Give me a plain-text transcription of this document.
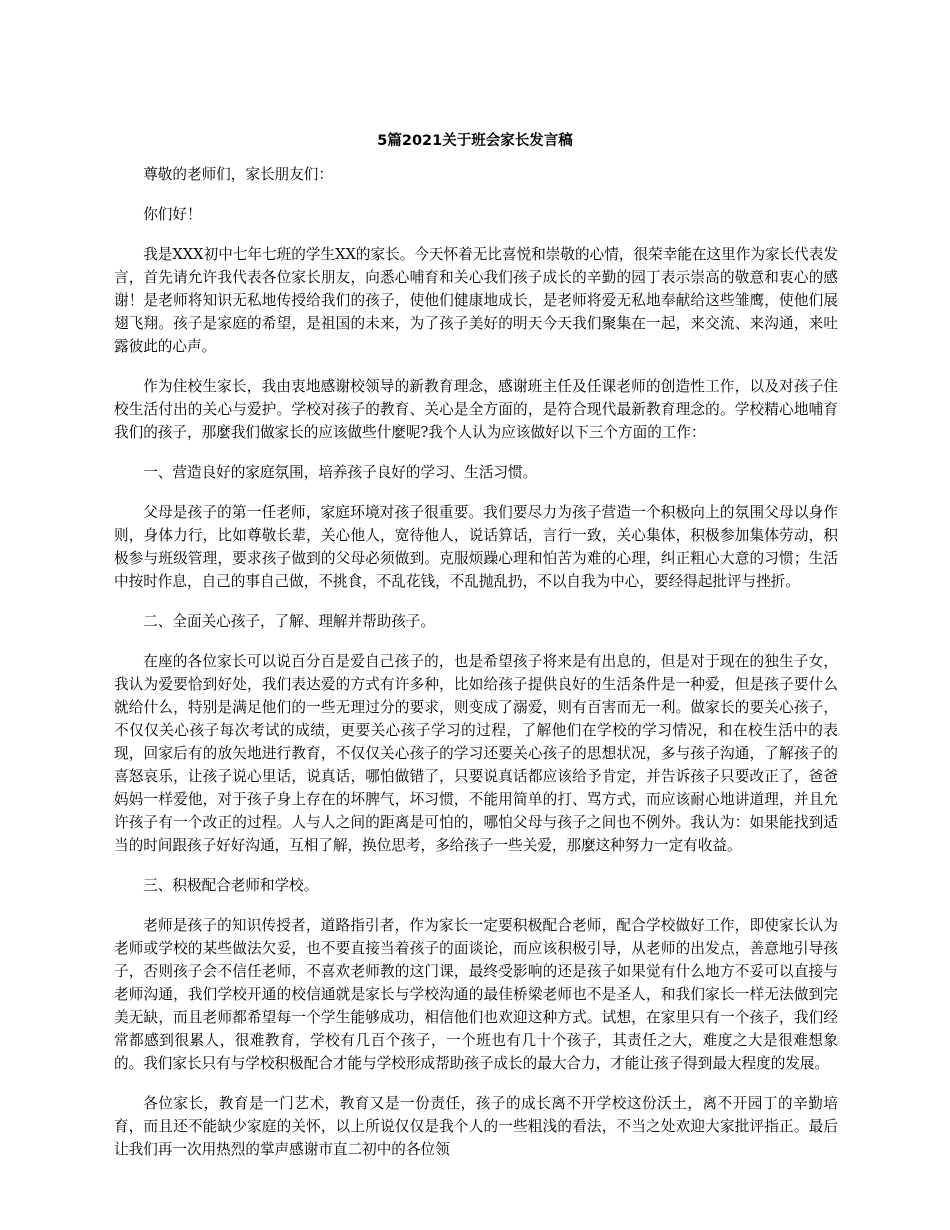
5篇2021关于班会家长发言稿

尊敬的老师们，家长朋友们：

你们好！

我是XXX初中七年七班的学生XX的家长。今天怀着无比喜悦和崇敬的心情，很荣幸能在这里作为家长代表发言，首先请允许我代表各位家长朋友，向悉心哺育和关心我们孩子成长的辛勤的园丁表示崇高的敬意和衷心的感谢！是老师将知识无私地传授给我们的孩子，使他们健康地成长，是老师将爱无私地奉献给这些雏鹰，使他们展翅飞翔。孩子是家庭的希望，是祖国的未来，为了孩子美好的明天今天我们聚集在一起，来交流、来沟通，来吐露彼此的心声。

作为住校生家长，我由衷地感谢校领导的新教育理念，感谢班主任及任课老师的创造性工作，以及对孩子住校生活付出的关心与爱护。学校对孩子的教育、关心是全方面的，是符合现代最新教育理念的。学校精心地哺育我们的孩子，那麼我们做家长的应该做些什麼呢?我个人认为应该做好以下三个方面的工作：

一、营造良好的家庭氛围，培养孩子良好的学习、生活习惯。

父母是孩子的第一任老师，家庭环境对孩子很重要。我们要尽力为孩子营造一个积极向上的氛围父母以身作则，身体力行，比如尊敬长辈，关心他人，宽待他人，说话算话，言行一致，关心集体，积极参加集体劳动，积极参与班级管理，要求孩子做到的父母必须做到。克服烦躁心理和怕苦为难的心理，纠正粗心大意的习惯；生活中按时作息，自己的事自己做，不挑食，不乱花钱，不乱抛乱扔，不以自我为中心，要经得起批评与挫折。

二、全面关心孩子，了解、理解并帮助孩子。

在座的各位家长可以说百分百是爱自己孩子的，也是希望孩子将来是有出息的，但是对于现在的独生子女，我认为爱要恰到好处，我们表达爱的方式有许多种，比如给孩子提供良好的生活条件是一种爱，但是孩子要什么就给什么，特别是满足他们的一些无理过分的要求，则变成了溺爱，则有百害而无一利。做家长的要关心孩子，不仅仅关心孩子每次考试的成绩，更要关心孩子学习的过程，了解他们在学校的学习情况，和在校生活中的表现，回家后有的放矢地进行教育，不仅仅关心孩子的学习还要关心孩子的思想状况，多与孩子沟通，了解孩子的喜怒哀乐，让孩子说心里话，说真话，哪怕做错了，只要说真话都应该给予肯定，并告诉孩子只要改正了，爸爸妈妈一样爱他，对于孩子身上存在的坏脾气，坏习惯，不能用简单的打、骂方式，而应该耐心地讲道理，并且允许孩子有一个改正的过程。人与人之间的距离是可怕的，哪怕父母与孩子之间也不例外。我认为：如果能找到适当的时间跟孩子好好沟通，互相了解，换位思考，多给孩子一些关爱，那麼这种努力一定有收益。

三、积极配合老师和学校。

老师是孩子的知识传授者，道路指引者，作为家长一定要积极配合老师，配合学校做好工作，即使家长认为老师或学校的某些做法欠妥，也不要直接当着孩子的面谈论，而应该积极引导，从老师的出发点，善意地引导孩子，否则孩子会不信任老师，不喜欢老师教的这门课，最终受影响的还是孩子如果觉有什么地方不妥可以直接与老师沟通，我们学校开通的校信通就是家长与学校沟通的最佳桥梁老师也不是圣人，和我们家长一样无法做到完美无缺，而且老师都希望每一个学生能够成功，相信他们也欢迎这种方式。试想，在家里只有一个孩子，我们经常都感到很累人，很难教育，学校有几百个孩子，一个班也有几十个孩子，其责任之大，难度之大是很难想象的。我们家长只有与学校积极配合才能与学校形成帮助孩子成长的最大合力，才能让孩子得到最大程度的发展。

各位家长，教育是一门艺术，教育又是一份责任，孩子的成长离不开学校这份沃土，离不开园丁的辛勤培育，而且还不能缺少家庭的关怀，以上所说仅仅是我个人的一些粗浅的看法，不当之处欢迎大家批评指正。最后让我们再一次用热烈的掌声感谢市直二初中的各位领
